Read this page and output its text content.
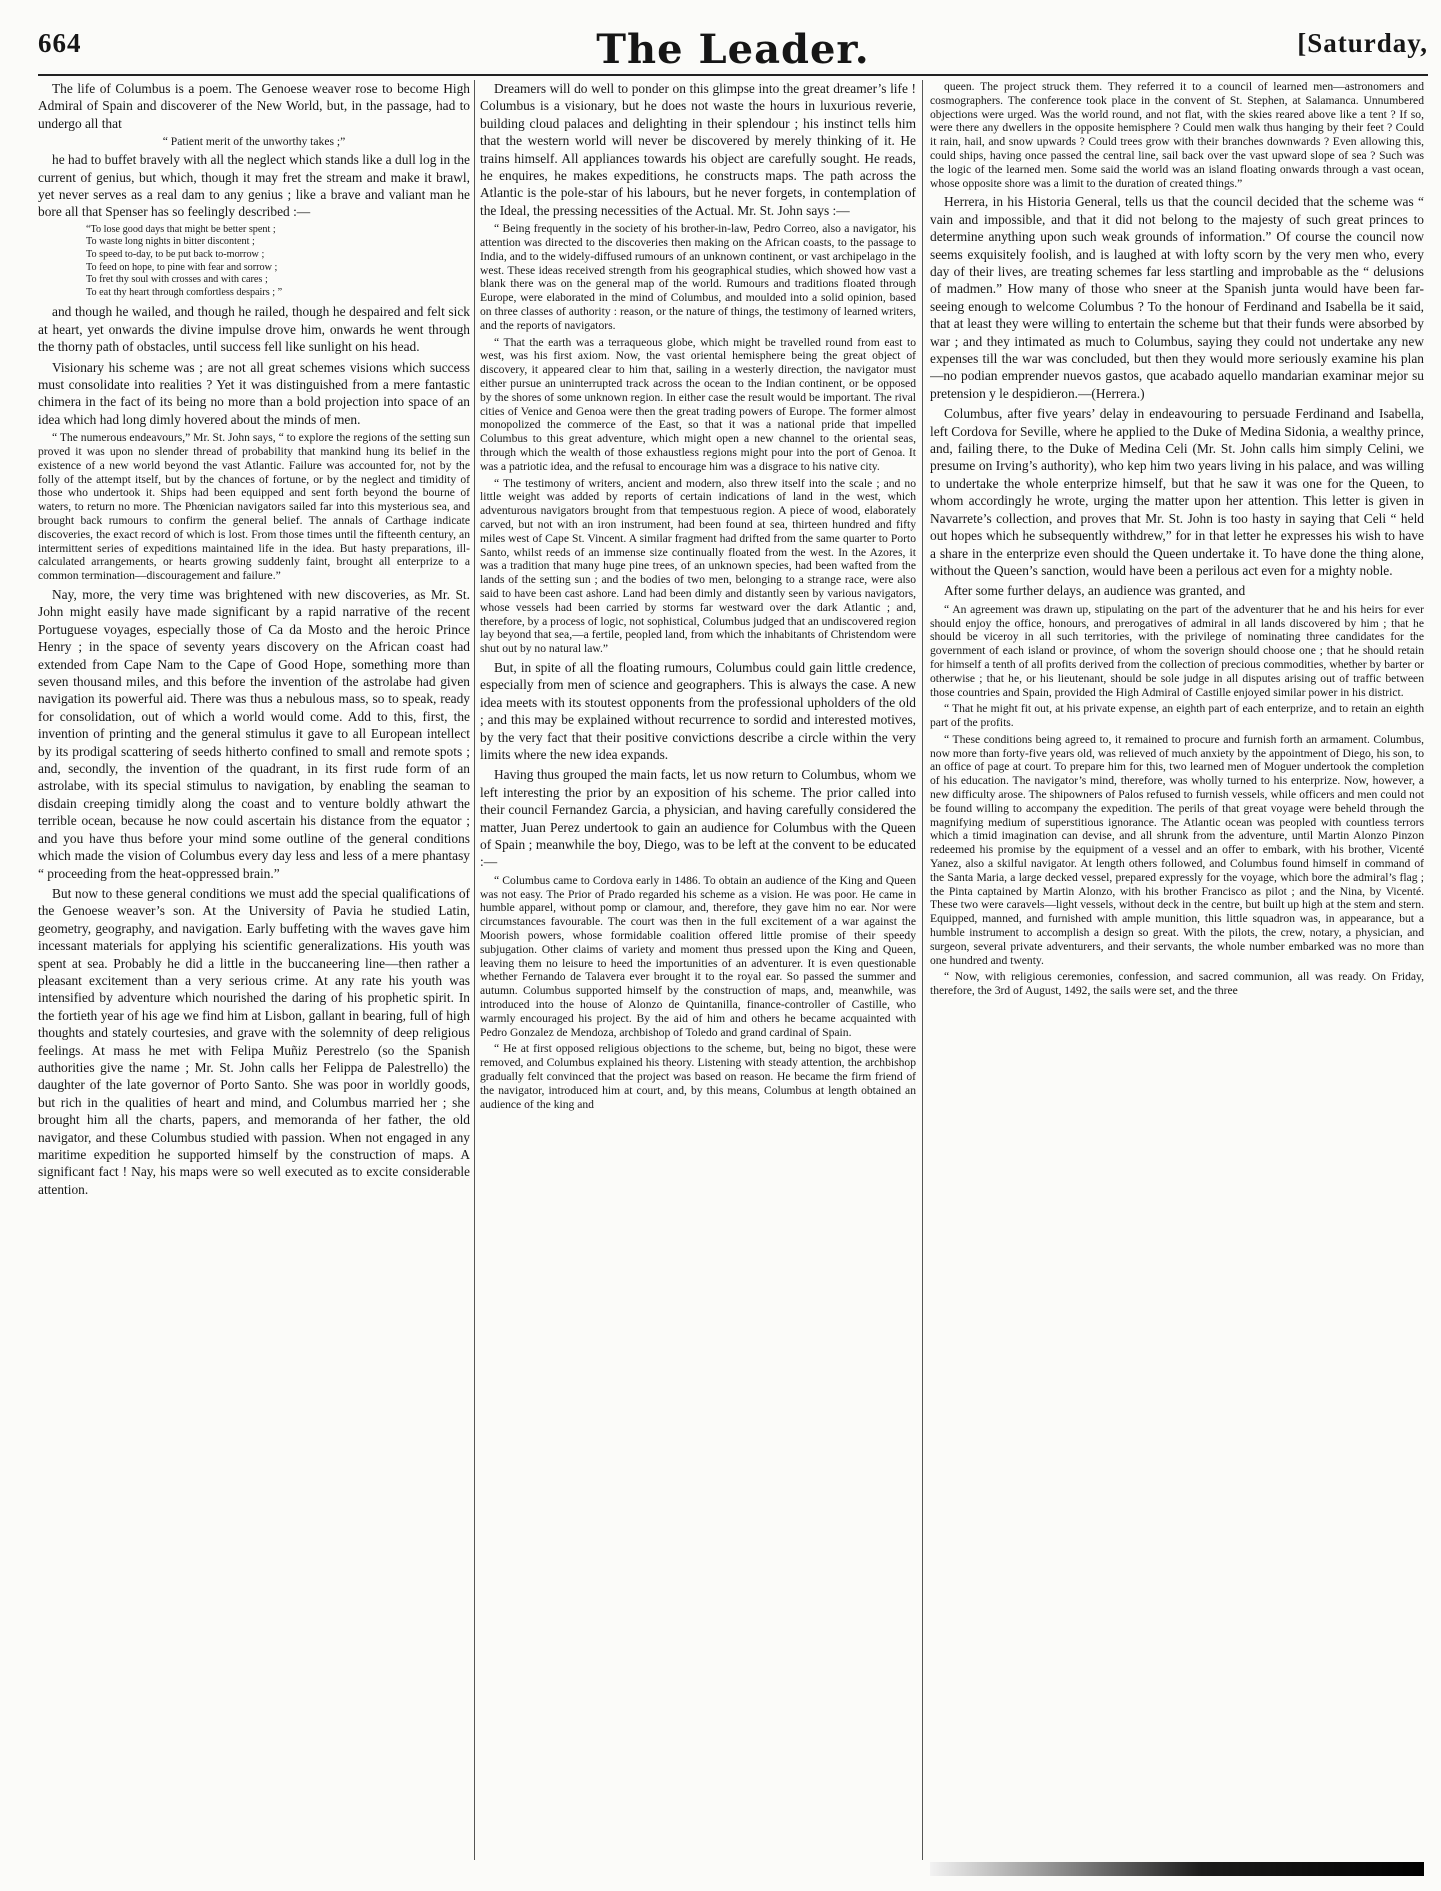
664	The Leader.	[Saturday,

The life of Columbus is a poem. The Genoese weaver rose to become High Admiral of Spain and discoverer of the New World, but, in the passage, had to undergo all that

“ Patient merit of the unworthy takes ;”

he had to buffet bravely with all the neglect which stands like a dull log in the current of genius, but which, though it may fret the stream and make it brawl, yet never serves as a real dam to any genius ; like a brave and valiant man he bore all that Spenser has so feelingly described :—

“To lose good days that might be better spent ;
To waste long nights in bitter discontent ;
To speed to-day, to be put back to-morrow ;
To feed on hope, to pine with fear and sorrow ;
To fret thy soul with crosses and with cares ;
To eat thy heart through comfortless despairs ; ”

and though he wailed, and though he railed, though he despaired and felt sick at heart, yet onwards the divine impulse drove him, onwards he went through the thorny path of obstacles, until success fell like sunlight on his head.

Visionary his scheme was ; are not all great schemes visions which success must consolidate into realities ? Yet it was distinguished from a mere fantastic chimera in the fact of its being no more than a bold projection into space of an idea which had long dimly hovered about the minds of men.

“ The numerous endeavours,” Mr. St. John says, “ to explore the regions of the setting sun proved it was upon no slender thread of probability that mankind hung its belief in the existence of a new world beyond the vast Atlantic. Failure was accounted for, not by the folly of the attempt itself, but by the chances of fortune, or by the neglect and timidity of those who undertook it. Ships had been equipped and sent forth beyond the bourne of waters, to return no more. The Phœnician navigators sailed far into this mysterious sea, and brought back rumours to confirm the general belief. The annals of Carthage indicate discoveries, the exact record of which is lost. From those times until the fifteenth century, an intermittent series of expeditions maintained life in the idea. But hasty preparations, ill-calculated arrangements, or hearts growing suddenly faint, brought all enterprize to a common termination—discouragement and failure.”

Nay, more, the very time was brightened with new discoveries, as Mr. St. John might easily have made significant by a rapid narrative of the recent Portuguese voyages, especially those of Ca da Mosto and the heroic Prince Henry ; in the space of seventy years discovery on the African coast had extended from Cape Nam to the Cape of Good Hope, something more than seven thousand miles, and this before the invention of the astrolabe had given navigation its powerful aid. There was thus a nebulous mass, so to speak, ready for consolidation, out of which a world would come. Add to this, first, the invention of printing and the general stimulus it gave to all European intellect by its prodigal scattering of seeds hitherto confined to small and remote spots ; and, secondly, the invention of the quadrant, in its first rude form of an astrolabe, with its special stimulus to navigation, by enabling the seaman to disdain creeping timidly along the coast and to venture boldly athwart the terrible ocean, because he now could ascertain his distance from the equator ; and you have thus before your mind some outline of the general conditions which made the vision of Columbus every day less and less of a mere phantasy “ proceeding from the heat-oppressed brain.”

But now to these general conditions we must add the special qualifications of the Genoese weaver’s son. At the University of Pavia he studied Latin, geometry, geography, and navigation. Early buffeting with the waves gave him incessant materials for applying his scientific generalizations. His youth was spent at sea. Probably he did a little in the buccaneering line—then rather a pleasant excitement than a very serious crime. At any rate his youth was intensified by adventure which nourished the daring of his prophetic spirit. In the fortieth year of his age we find him at Lisbon, gallant in bearing, full of high thoughts and stately courtesies, and grave with the solemnity of deep religious feelings. At mass he met with Felipa Muñiz Perestrelo (so the Spanish authorities give the name ; Mr. St. John calls her Felippa de Palestrello) the daughter of the late governor of Porto Santo. She was poor in worldly goods, but rich in the qualities of heart and mind, and Columbus married her ; she brought him all the charts, papers, and memoranda of her father, the old navigator, and these Columbus studied with passion. When not engaged in any maritime expedition he supported himself by the construction of maps. A significant fact ! Nay, his maps were so well executed as to excite considerable attention.

Dreamers will do well to ponder on this glimpse into the great dreamer’s life ! Columbus is a visionary, but he does not waste the hours in luxurious reverie, building cloud palaces and delighting in their splendour ; his instinct tells him that the western world will never be discovered by merely thinking of it. He trains himself. All appliances towards his object are carefully sought. He reads, he enquires, he makes expeditions, he constructs maps. The path across the Atlantic is the pole-star of his labours, but he never forgets, in contemplation of the Ideal, the pressing necessities of the Actual. Mr. St. John says :—

“ Being frequently in the society of his brother-in-law, Pedro Correo, also a navigator, his attention was directed to the discoveries then making on the African coasts, to the passage to India, and to the widely-diffused rumours of an unknown continent, or vast archipelago in the west. These ideas received strength from his geographical studies, which showed how vast a blank there was on the general map of the world. Rumours and traditions floated through Europe, were elaborated in the mind of Columbus, and moulded into a solid opinion, based on three classes of authority : reason, or the nature of things, the testimony of learned writers, and the reports of navigators.

“ That the earth was a terraqueous globe, which might be travelled round from east to west, was his first axiom. Now, the vast oriental hemisphere being the great object of discovery, it appeared clear to him that, sailing in a westerly direction, the navigator must either pursue an uninterrupted track across the ocean to the Indian continent, or be opposed by the shores of some unknown region. In either case the result would be important. The rival cities of Venice and Genoa were then the great trading powers of Europe. The former almost monopolized the commerce of the East, so that it was a national pride that impelled Columbus to this great adventure, which might open a new channel to the oriental seas, through which the wealth of those exhaustless regions might pour into the port of Genoa. It was a patriotic idea, and the refusal to encourage him was a disgrace to his native city.

“ The testimony of writers, ancient and modern, also threw itself into the scale ; and no little weight was added by reports of certain indications of land in the west, which adventurous navigators brought from that tempestuous region. A piece of wood, elaborately carved, but not with an iron instrument, had been found at sea, thirteen hundred and fifty miles west of Cape St. Vincent. A similar fragment had drifted from the same quarter to Porto Santo, whilst reeds of an immense size continually floated from the west. In the Azores, it was a tradition that many huge pine trees, of an unknown species, had been wafted from the lands of the setting sun ; and the bodies of two men, belonging to a strange race, were also said to have been cast ashore. Land had been dimly and distantly seen by various navigators, whose vessels had been carried by storms far westward over the dark Atlantic ; and, therefore, by a process of logic, not sophistical, Columbus judged that an undiscovered region lay beyond that sea,—a fertile, peopled land, from which the inhabitants of Christendom were shut out by no natural law.”

But, in spite of all the floating rumours, Columbus could gain little credence, especially from men of science and geographers. This is always the case. A new idea meets with its stoutest opponents from the professional upholders of the old ; and this may be explained without recurrence to sordid and interested motives, by the very fact that their positive convictions describe a circle within the very limits where the new idea expands.

Having thus grouped the main facts, let us now return to Columbus, whom we left interesting the prior by an exposition of his scheme. The prior called into their council Fernandez Garcia, a physician, and having carefully considered the matter, Juan Perez undertook to gain an audience for Columbus with the Queen of Spain ; meanwhile the boy, Diego, was to be left at the convent to be educated :—

“ Columbus came to Cordova early in 1486. To obtain an audience of the King and Queen was not easy. The Prior of Prado regarded his scheme as a vision. He was poor. He came in humble apparel, without pomp or clamour, and, therefore, they gave him no ear. Nor were circumstances favourable. The court was then in the full excitement of a war against the Moorish powers, whose formidable coalition offered little promise of their speedy subjugation. Other claims of variety and moment thus pressed upon the King and Queen, leaving them no leisure to heed the importunities of an adventurer. It is even questionable whether Fernando de Talavera ever brought it to the royal ear. So passed the summer and autumn. Columbus supported himself by the construction of maps, and, meanwhile, was introduced into the house of Alonzo de Quintanilla, finance-controller of Castille, who warmly encouraged his project. By the aid of him and others he became acquainted with Pedro Gonzalez de Mendoza, archbishop of Toledo and grand cardinal of Spain.

“ He at first opposed religious objections to the scheme, but, being no bigot, these were removed, and Columbus explained his theory. Listening with steady attention, the archbishop gradually felt convinced that the project was based on reason. He became the firm friend of the navigator, introduced him at court, and, by this means, Columbus at length obtained an audience of the king and

queen. The project struck them. They referred it to a council of learned men—astronomers and cosmographers. The conference took place in the convent of St. Stephen, at Salamanca. Unnumbered objections were urged. Was the world round, and not flat, with the skies reared above like a tent ? If so, were there any dwellers in the opposite hemisphere ? Could men walk thus hanging by their feet ? Could it rain, hail, and snow upwards ? Could trees grow with their branches downwards ? Even allowing this, could ships, having once passed the central line, sail back over the vast upward slope of sea ? Such was the logic of the learned men. Some said the world was an island floating onwards through a vast ocean, whose opposite shore was a limit to the duration of created things.”

Herrera, in his Historia General, tells us that the council decided that the scheme was “ vain and impossible, and that it did not belong to the majesty of such great princes to determine anything upon such weak grounds of information.” Of course the council now seems exquisitely foolish, and is laughed at with lofty scorn by the very men who, every day of their lives, are treating schemes far less startling and improbable as the “ delusions of madmen.” How many of those who sneer at the Spanish junta would have been far-seeing enough to welcome Columbus ? To the honour of Ferdinand and Isabella be it said, that at least they were willing to entertain the scheme but that their funds were absorbed by war ; and they intimated as much to Columbus, saying they could not undertake any new expenses till the war was concluded, but then they would more seriously examine his plan—no podian emprender nuevos gastos, que acabado aquello mandarian examinar mejor su pretension y le despidieron.—(Herrera.)

Columbus, after five years’ delay in endeavouring to persuade Ferdinand and Isabella, left Cordova for Seville, where he applied to the Duke of Medina Sidonia, a wealthy prince, and, failing there, to the Duke of Medina Celi (Mr. St. John calls him simply Celini, we presume on Irving’s authority), who kep him two years living in his palace, and was willing to undertake the whole enterprize himself, but that he saw it was one for the Queen, to whom accordingly he wrote, urging the matter upon her attention. This letter is given in Navarrete’s collection, and proves that Mr. St. John is too hasty in saying that Celi “ held out hopes which he subsequently withdrew,” for in that letter he expresses his wish to have a share in the enterprize even should the Queen undertake it. To have done the thing alone, without the Queen’s sanction, would have been a perilous act even for a mighty noble.

After some further delays, an audience was granted, and

“ An agreement was drawn up, stipulating on the part of the adventurer that he and his heirs for ever should enjoy the office, honours, and prerogatives of admiral in all lands discovered by him ; that he should be viceroy in all such territories, with the privilege of nominating three candidates for the government of each island or province, of whom the soverign should choose one ; that he should retain for himself a tenth of all profits derived from the collection of precious commodities, whether by barter or otherwise ; that he, or his lieutenant, should be sole judge in all disputes arising out of traffic between those countries and Spain, provided the High Admiral of Castille enjoyed similar power in his district.

“ That he might fit out, at his private expense, an eighth part of each enterprize, and to retain an eighth part of the profits.

“ These conditions being agreed to, it remained to procure and furnish forth an armament. Columbus, now more than forty-five years old, was relieved of much anxiety by the appointment of Diego, his son, to an office of page at court. To prepare him for this, two learned men of Moguer undertook the completion of his education. The navigator’s mind, therefore, was wholly turned to his enterprize. Now, however, a new difficulty arose. The shipowners of Palos refused to furnish vessels, while officers and men could not be found willing to accompany the expedition. The perils of that great voyage were beheld through the magnifying medium of superstitious ignorance. The Atlantic ocean was peopled with countless terrors which a timid imagination can devise, and all shrunk from the adventure, until Martin Alonzo Pinzon redeemed his promise by the equipment of a vessel and an offer to embark, with his brother, Vicenté Yanez, also a skilful navigator. At length others followed, and Columbus found himself in command of the Santa Maria, a large decked vessel, prepared expressly for the voyage, which bore the admiral’s flag ; the Pinta captained by Martin Alonzo, with his brother Francisco as pilot ; and the Nina, by Vicenté. These two were caravels—light vessels, without deck in the centre, but built up high at the stem and stern. Equipped, manned, and furnished with ample munition, this little squadron was, in appearance, but a humble instrument to accomplish a design so great. With the pilots, the crew, notary, a physician, and surgeon, several private adventurers, and their servants, the whole number embarked was no more than one hundred and twenty.

“ Now, with religious ceremonies, confession, and sacred communion, all was ready. On Friday, therefore, the 3rd of August, 1492, the sails were set, and the three
